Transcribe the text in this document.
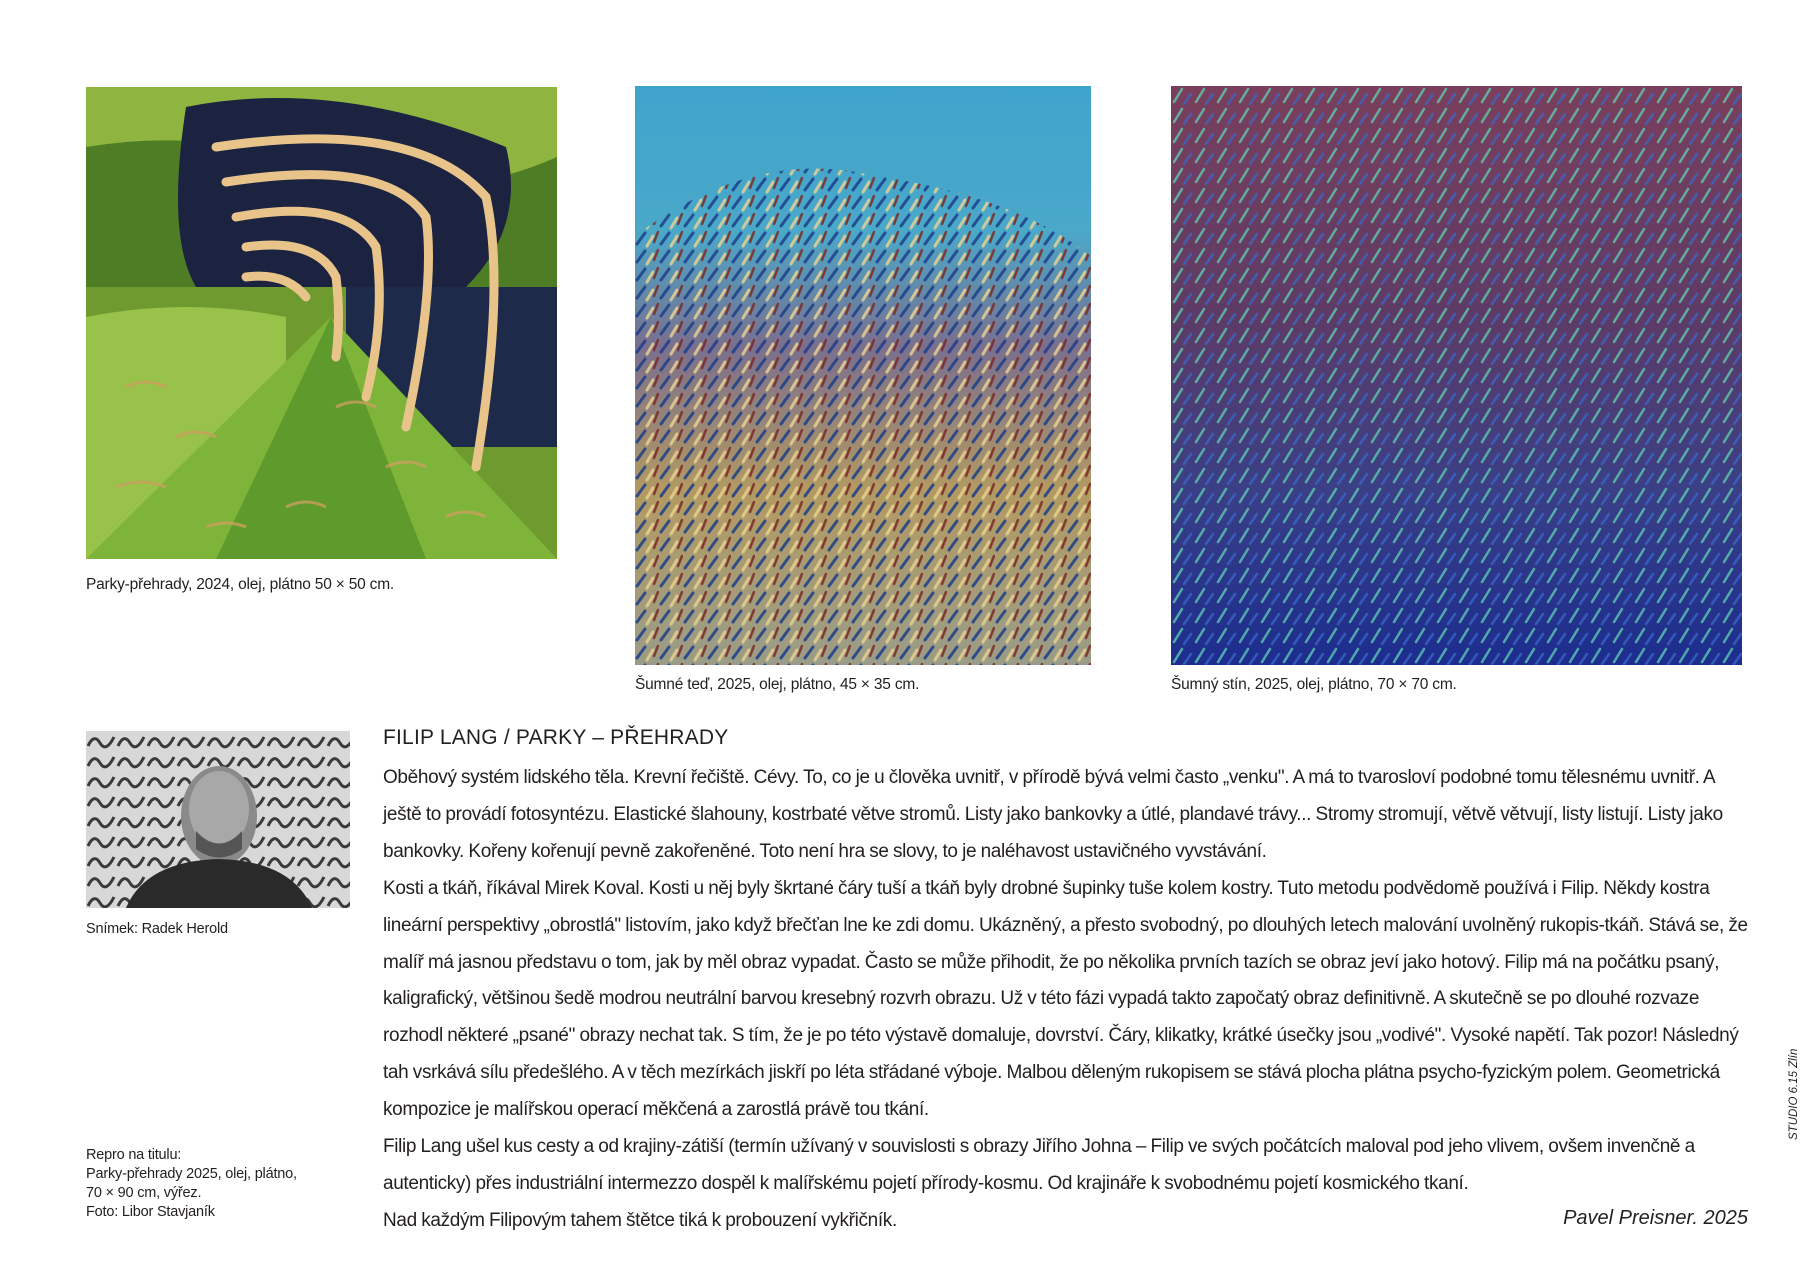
Parky-přehrady, 2024, olej, plátno 50 × 50 cm.
Šumné teď, 2025, olej, plátno, 45 × 35 cm.	Šumný stín, 2025, olej, plátno, 70 × 70 cm.
Snímek: Radek Herold
Repro na titulu:
Parky-přehrady 2025, olej, plátno,
70 × 90 cm, výřez.
Foto: Libor Stavjaník
FILIP LANG / PARKY – PŘEHRADY

Oběhový systém lidského těla. Krevní řečiště. Cévy. To, co je u člověka uvnitř, v přírodě bývá velmi často „venku". A má to tvarosloví podobné tomu tělesnému uvnitř. A ještě to provádí fotosyntézu. Elastické šlahouny, kostrbaté větve stromů. Listy jako bankovky a útlé, plandavé trávy... Stromy stromují, větvě větvují, listy listují. Listy jako bankovky. Kořeny kořenují pevně zakořeněné. Toto není hra se slovy, to je naléhavost ustavičného vyvstávání.

Kosti a tkáň, říkával Mirek Koval. Kosti u něj byly škrtané čáry tuší a tkáň byly drobné šupinky tuše kolem kostry. Tuto metodu podvědomě používá i Filip. Někdy kostra lineární perspektivy „obrostlá" listovím, jako když břečťan lne ke zdi domu. Ukázněný, a přesto svobodný, po dlouhých letech malování uvolněný rukopis-tkáň. Stává se, že malíř má jasnou představu o tom, jak by měl obraz vypadat. Často se může přihodit, že po několika prvních tazích se obraz jeví jako hotový. Filip má na počátku psaný, kaligrafický, většinou šedě modrou neutrální barvou kresebný rozvrh obrazu. Už v této fázi vypadá takto započatý obraz definitivně. A skutečně se po dlouhé rozvaze rozhodl některé „psané" obrazy nechat tak. S tím, že je po této výstavě domaluje, dovrství. Čáry, klikatky, krátké úsečky jsou „vodivé". Vysoké napětí. Tak pozor! Následný tah vsrkává sílu předešlého. A v těch mezírkách jiskří po léta střádané výboje. Malbou děleným rukopisem se stává plocha plátna psycho-fyzickým polem. Geometrická kompozice je malířskou operací měkčená a zarostlá právě tou tkání.

Filip Lang ušel kus cesty a od krajiny-zátiší (termín užívaný v souvislosti s obrazy Jiřího Johna – Filip ve svých počátcích maloval pod jeho vlivem, ovšem invenčně a autenticky) přes industriální intermezzo dospěl k malířskému pojetí přírody-kosmu. Od krajináře k svobodnému pojetí kosmického tkaní.

Nad každým Filipovým tahem štětce tiká k probouzení vykřičník.	Pavel Preisner. 2025
STUDIO 6.15 Zlín
